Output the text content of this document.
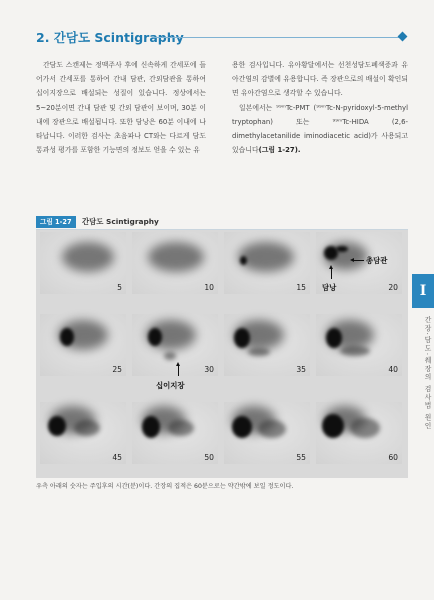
2. 간담도 Scintigraphy

간담도 스캔제는 정맥주사 후에 신속하게 간세포에 들어가서 간세포를 통하여 간내 담관, 간외담관을 통하여 십이지장으로 배설되는 성질이 있습니다. 정상에서는 5~20분이면 간내 담관 및 간외 담관이 보이며, 30분 이내에 장관으로 배설됩니다. 또한 담낭은 60분 이내에 나타납니다. 이러한 검사는 초음파나 CT와는 다르게 담도 통과성 평가를 포함한 기능면의 정보도 얻을 수 있는 유

용한 검사입니다. 유아황달에서는 선천성담도폐색증과 유아간염의 감별에 유용합니다. 즉 장관으로의 배설이 확인되면 유아간염으로 생각할 수 있습니다.

일본에서는 ⁹⁹ᵐTc-PMT (⁹⁹ᵐTc-N-pyridoxyl-5-methyl tryptophan) 또는 ⁹⁹ᵐTc-HIDA (2,6-dimethylacetanilide iminodiacetic acid)가 사용되고 있습니다(그림 1-27).

그림 1-27	간담도 Scintigraphy
5	10	15	20
총담관
담낭
25	30
십이지장
35	40
45	50	55	60
우측 아래의 숫자는 주입후의 시간(분)이다. 간장의 집적은 60분으로는 약간밖에 보일 정도이다.
I
간장·담도·췌장의 검사법 원인
